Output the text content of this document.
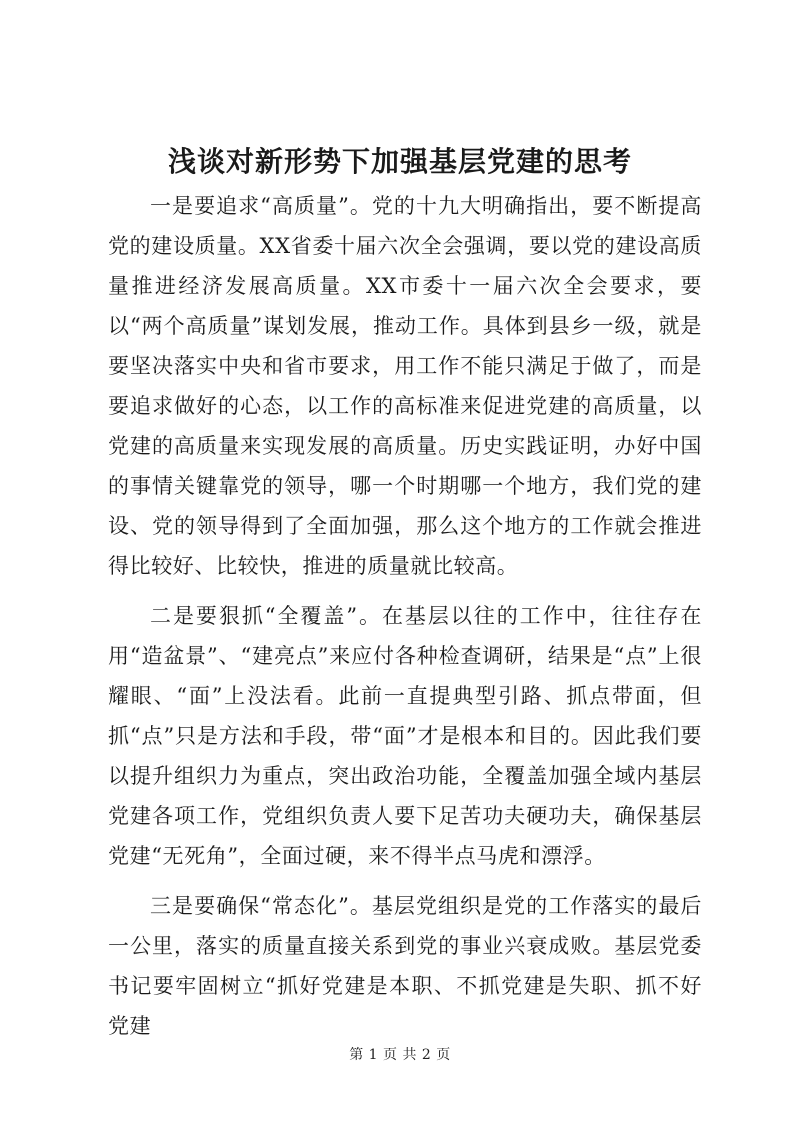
浅谈对新形势下加强基层党建的思考

一是要追求“高质量”。党的十九大明确指出，要不断提高党的建设质量。XX省委十届六次全会强调，要以党的建设高质量推进经济发展高质量。XX市委十一届六次全会要求，要以“两个高质量”谋划发展，推动工作。具体到县乡一级，就是要坚决落实中央和省市要求，用工作不能只满足于做了，而是要追求做好的心态，以工作的高标准来促进党建的高质量，以党建的高质量来实现发展的高质量。历史实践证明，办好中国的事情关键靠党的领导，哪一个时期哪一个地方，我们党的建设、党的领导得到了全面加强，那么这个地方的工作就会推进得比较好、比较快，推进的质量就比较高。

二是要狠抓“全覆盖”。在基层以往的工作中，往往存在用“造盆景”、“建亮点”来应付各种检查调研，结果是“点”上很耀眼、“面”上没法看。此前一直提典型引路、抓点带面，但抓“点”只是方法和手段，带“面”才是根本和目的。因此我们要以提升组织力为重点，突出政治功能，全覆盖加强全域内基层党建各项工作，党组织负责人要下足苦功夫硬功夫，确保基层党建“无死角”，全面过硬，来不得半点马虎和漂浮。

三是要确保“常态化”。基层党组织是党的工作落实的最后一公里，落实的质量直接关系到党的事业兴衰成败。基层党委书记要牢固树立“抓好党建是本职、不抓党建是失职、抓不好党建

第 1 页 共 2 页
